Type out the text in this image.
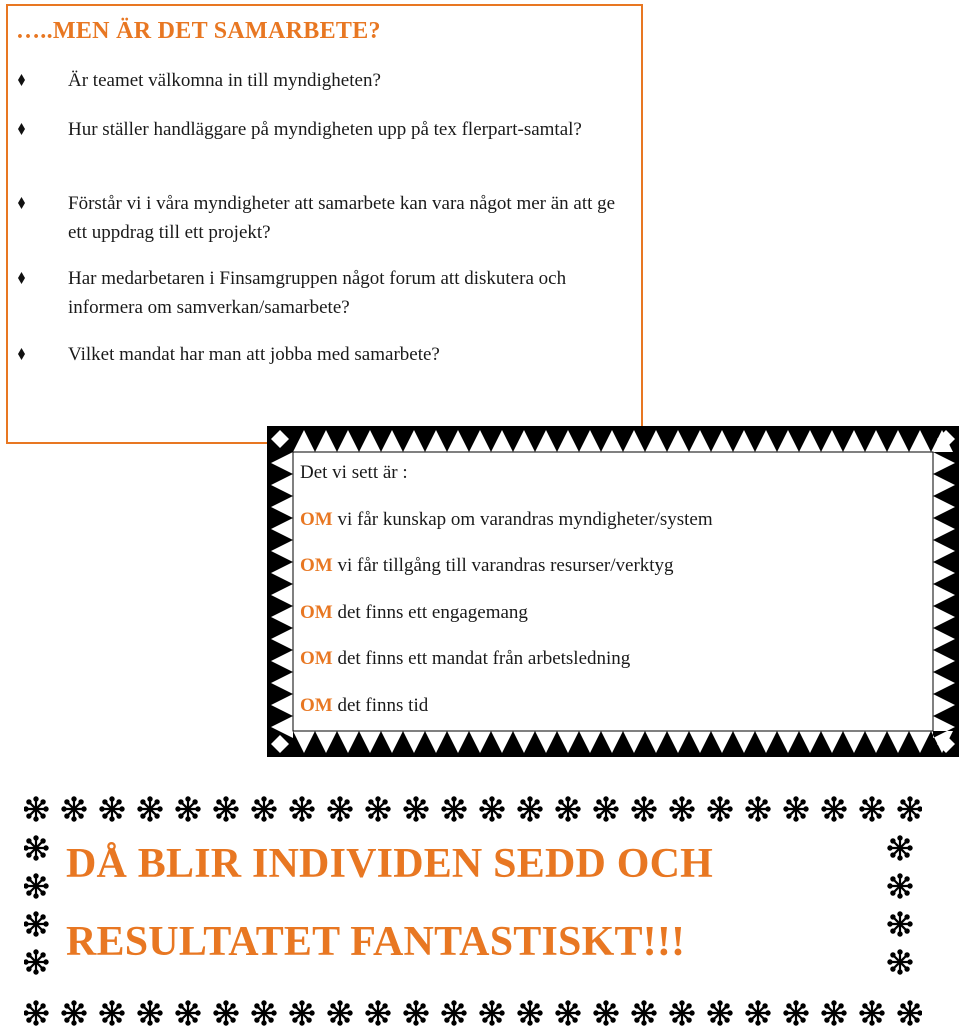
…..MEN ÄR DET SAMARBETE?
Är teamet välkomna in till myndigheten?
Hur ställer handläggare på myndigheten upp på tex flerpart-samtal?
Förstår vi i våra myndigheter att samarbete kan vara något mer än att ge ett uppdrag till ett projekt?
Har medarbetaren i Finsamgruppen något forum att diskutera och informera om samverkan/samarbete?
Vilket mandat har man att jobba med samarbete?
Det vi sett är :
OM vi får kunskap om varandras myndigheter/system
OM vi får tillgång till varandras resurser/verktyg
OM det finns ett engagemang
OM det finns ett mandat från arbetsledning
OM det finns tid
DÅ BLIR INDIVIDEN SEDD OCH
RESULTATET FANTASTISKT!!!
